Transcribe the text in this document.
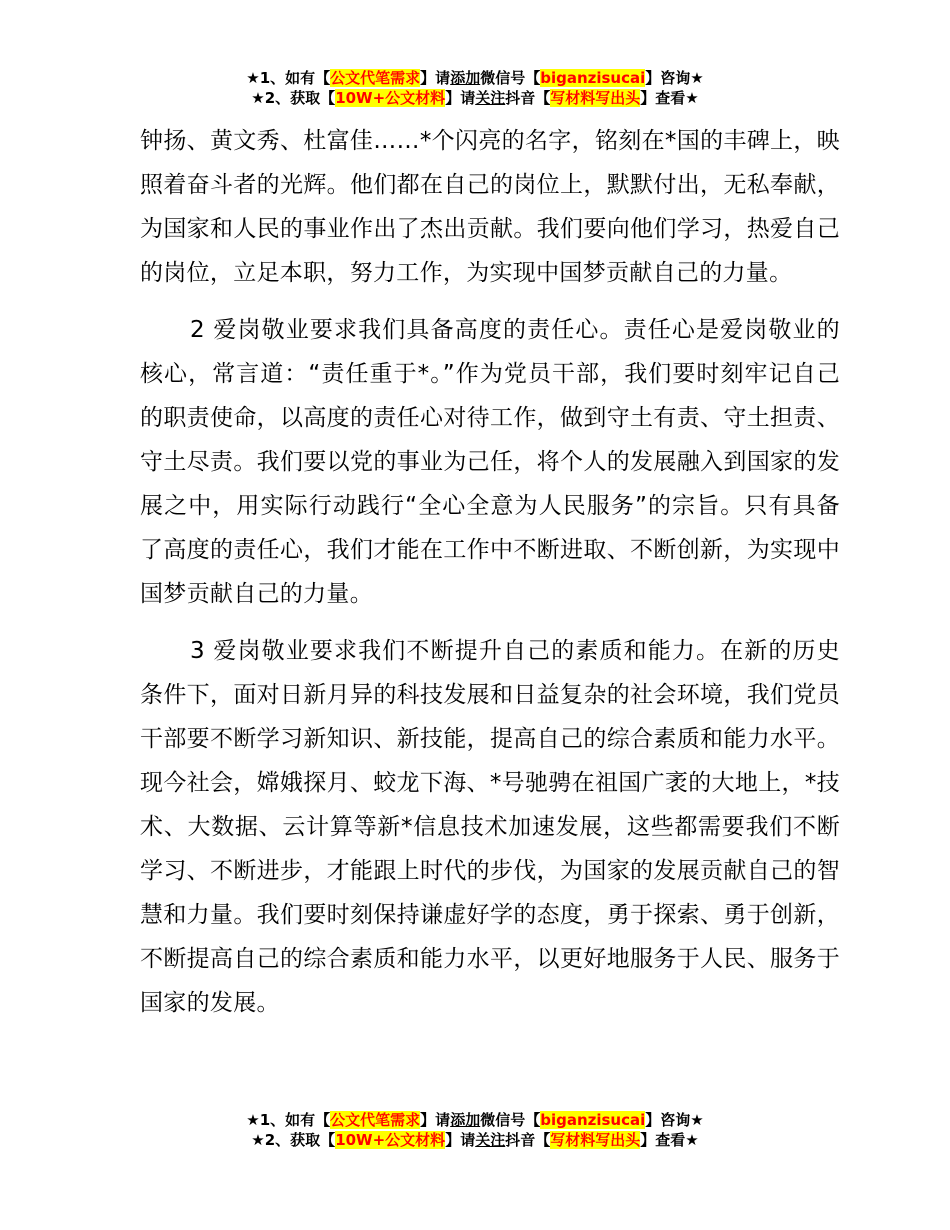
★1、如有【公文代笔需求】请添加微信号【biganzisucai】咨询★
★2、获取【10W+公文材料】请关注抖音【写材料写出头】查看★

钟扬、黄文秀、杜富佳……*个闪亮的名字，铭刻在*国的丰碑上，映照着奋斗者的光辉。他们都在自己的岗位上，默默付出，无私奉献，为国家和人民的事业作出了杰出贡献。我们要向他们学习，热爱自己的岗位，立足本职，努力工作，为实现中国梦贡献自己的力量。

2 爱岗敬业要求我们具备高度的责任心。责任心是爱岗敬业的核心，常言道：“责任重于*。”作为党员干部，我们要时刻牢记自己的职责使命，以高度的责任心对待工作，做到守土有责、守土担责、守土尽责。我们要以党的事业为己任，将个人的发展融入到国家的发展之中，用实际行动践行“全心全意为人民服务”的宗旨。只有具备了高度的责任心，我们才能在工作中不断进取、不断创新，为实现中国梦贡献自己的力量。

3 爱岗敬业要求我们不断提升自己的素质和能力。在新的历史条件下，面对日新月异的科技发展和日益复杂的社会环境，我们党员干部要不断学习新知识、新技能，提高自己的综合素质和能力水平。现今社会，嫦娥探月、蛟龙下海、*号驰骋在祖国广袤的大地上，*技术、大数据、云计算等新*信息技术加速发展，这些都需要我们不断学习、不断进步，才能跟上时代的步伐，为国家的发展贡献自己的智慧和力量。我们要时刻保持谦虚好学的态度，勇于探索、勇于创新，不断提高自己的综合素质和能力水平，以更好地服务于人民、服务于国家的发展。

★1、如有【公文代笔需求】请添加微信号【biganzisucai】咨询★
★2、获取【10W+公文材料】请关注抖音【写材料写出头】查看★
